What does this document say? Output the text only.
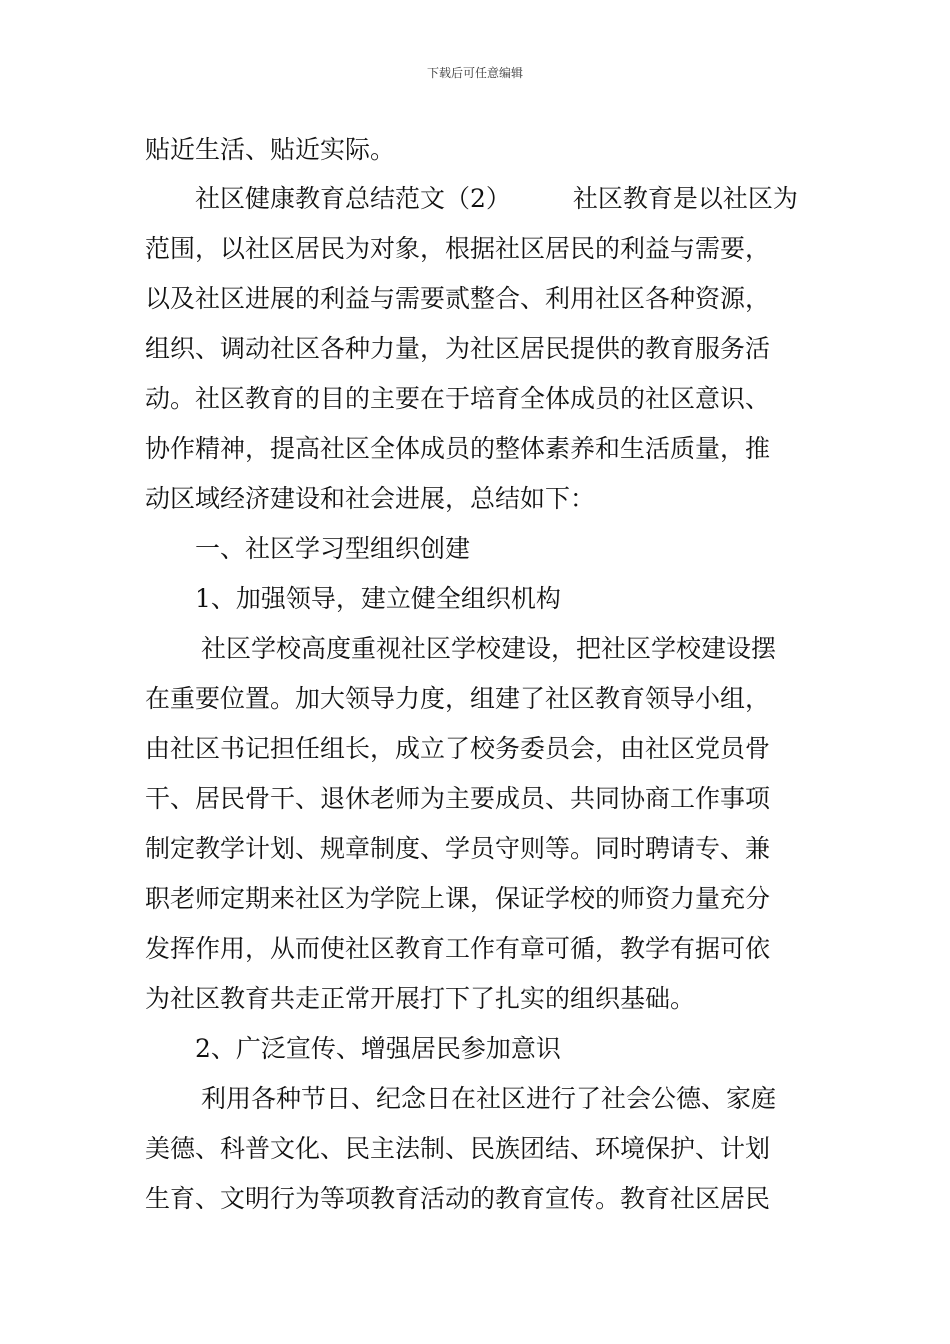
下载后可任意编辑
贴近生活、贴近实际。
社区健康教育总结范文（2） 社区教育是以社区为
范围，以社区居民为对象，根据社区居民的利益与需要，
以及社区进展的利益与需要贰整合、利用社区各种资源，
组织、调动社区各种力量，为社区居民提供的教育服务活
动。社区教育的目的主要在于培育全体成员的社区意识、
协作精神，提高社区全体成员的整体素养和生活质量，推
动区域经济建设和社会进展，总结如下：
一、社区学习型组织创建
1、加强领导，建立健全组织机构
社区学校高度重视社区学校建设，把社区学校建设摆
在重要位置。加大领导力度，组建了社区教育领导小组，
由社区书记担任组长，成立了校务委员会，由社区党员骨
干、居民骨干、退休老师为主要成员、共同协商工作事项
制定教学计划、规章制度、学员守则等。同时聘请专、兼
职老师定期来社区为学院上课，保证学校的师资力量充分
发挥作用，从而使社区教育工作有章可循，教学有据可依
为社区教育共走正常开展打下了扎实的组织基础。
2、广泛宣传、增强居民参加意识
利用各种节日、纪念日在社区进行了社会公德、家庭
美德、科普文化、民主法制、民族团结、环境保护、计划
生育、文明行为等项教育活动的教育宣传。教育社区居民
